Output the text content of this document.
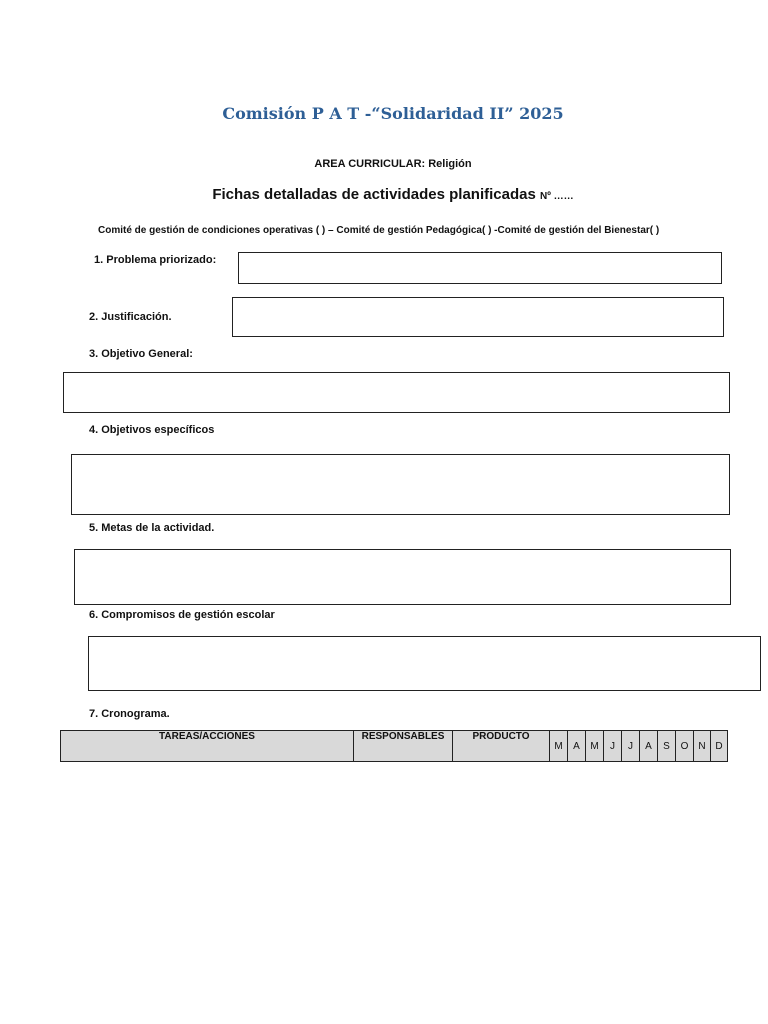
Comisión P A T -“Solidaridad II” 2025
AREA CURRICULAR: Religión
Fichas detalladas de actividades planificadas Nº ……
Comité de gestión de condiciones operativas ( ) – Comité de gestión Pedagógica( ) -Comité de gestión del Bienestar( )
1. Problema priorizado:
2. Justificación.
3. Objetivo General:
4. Objetivos específicos
5. Metas de la actividad.
6. Compromisos de gestión escolar
7. Cronograma.
TAREAS/ACCIONES	RESPONSABLES	PRODUCTO	M	A	M	J	J	A	S	O	N	D
